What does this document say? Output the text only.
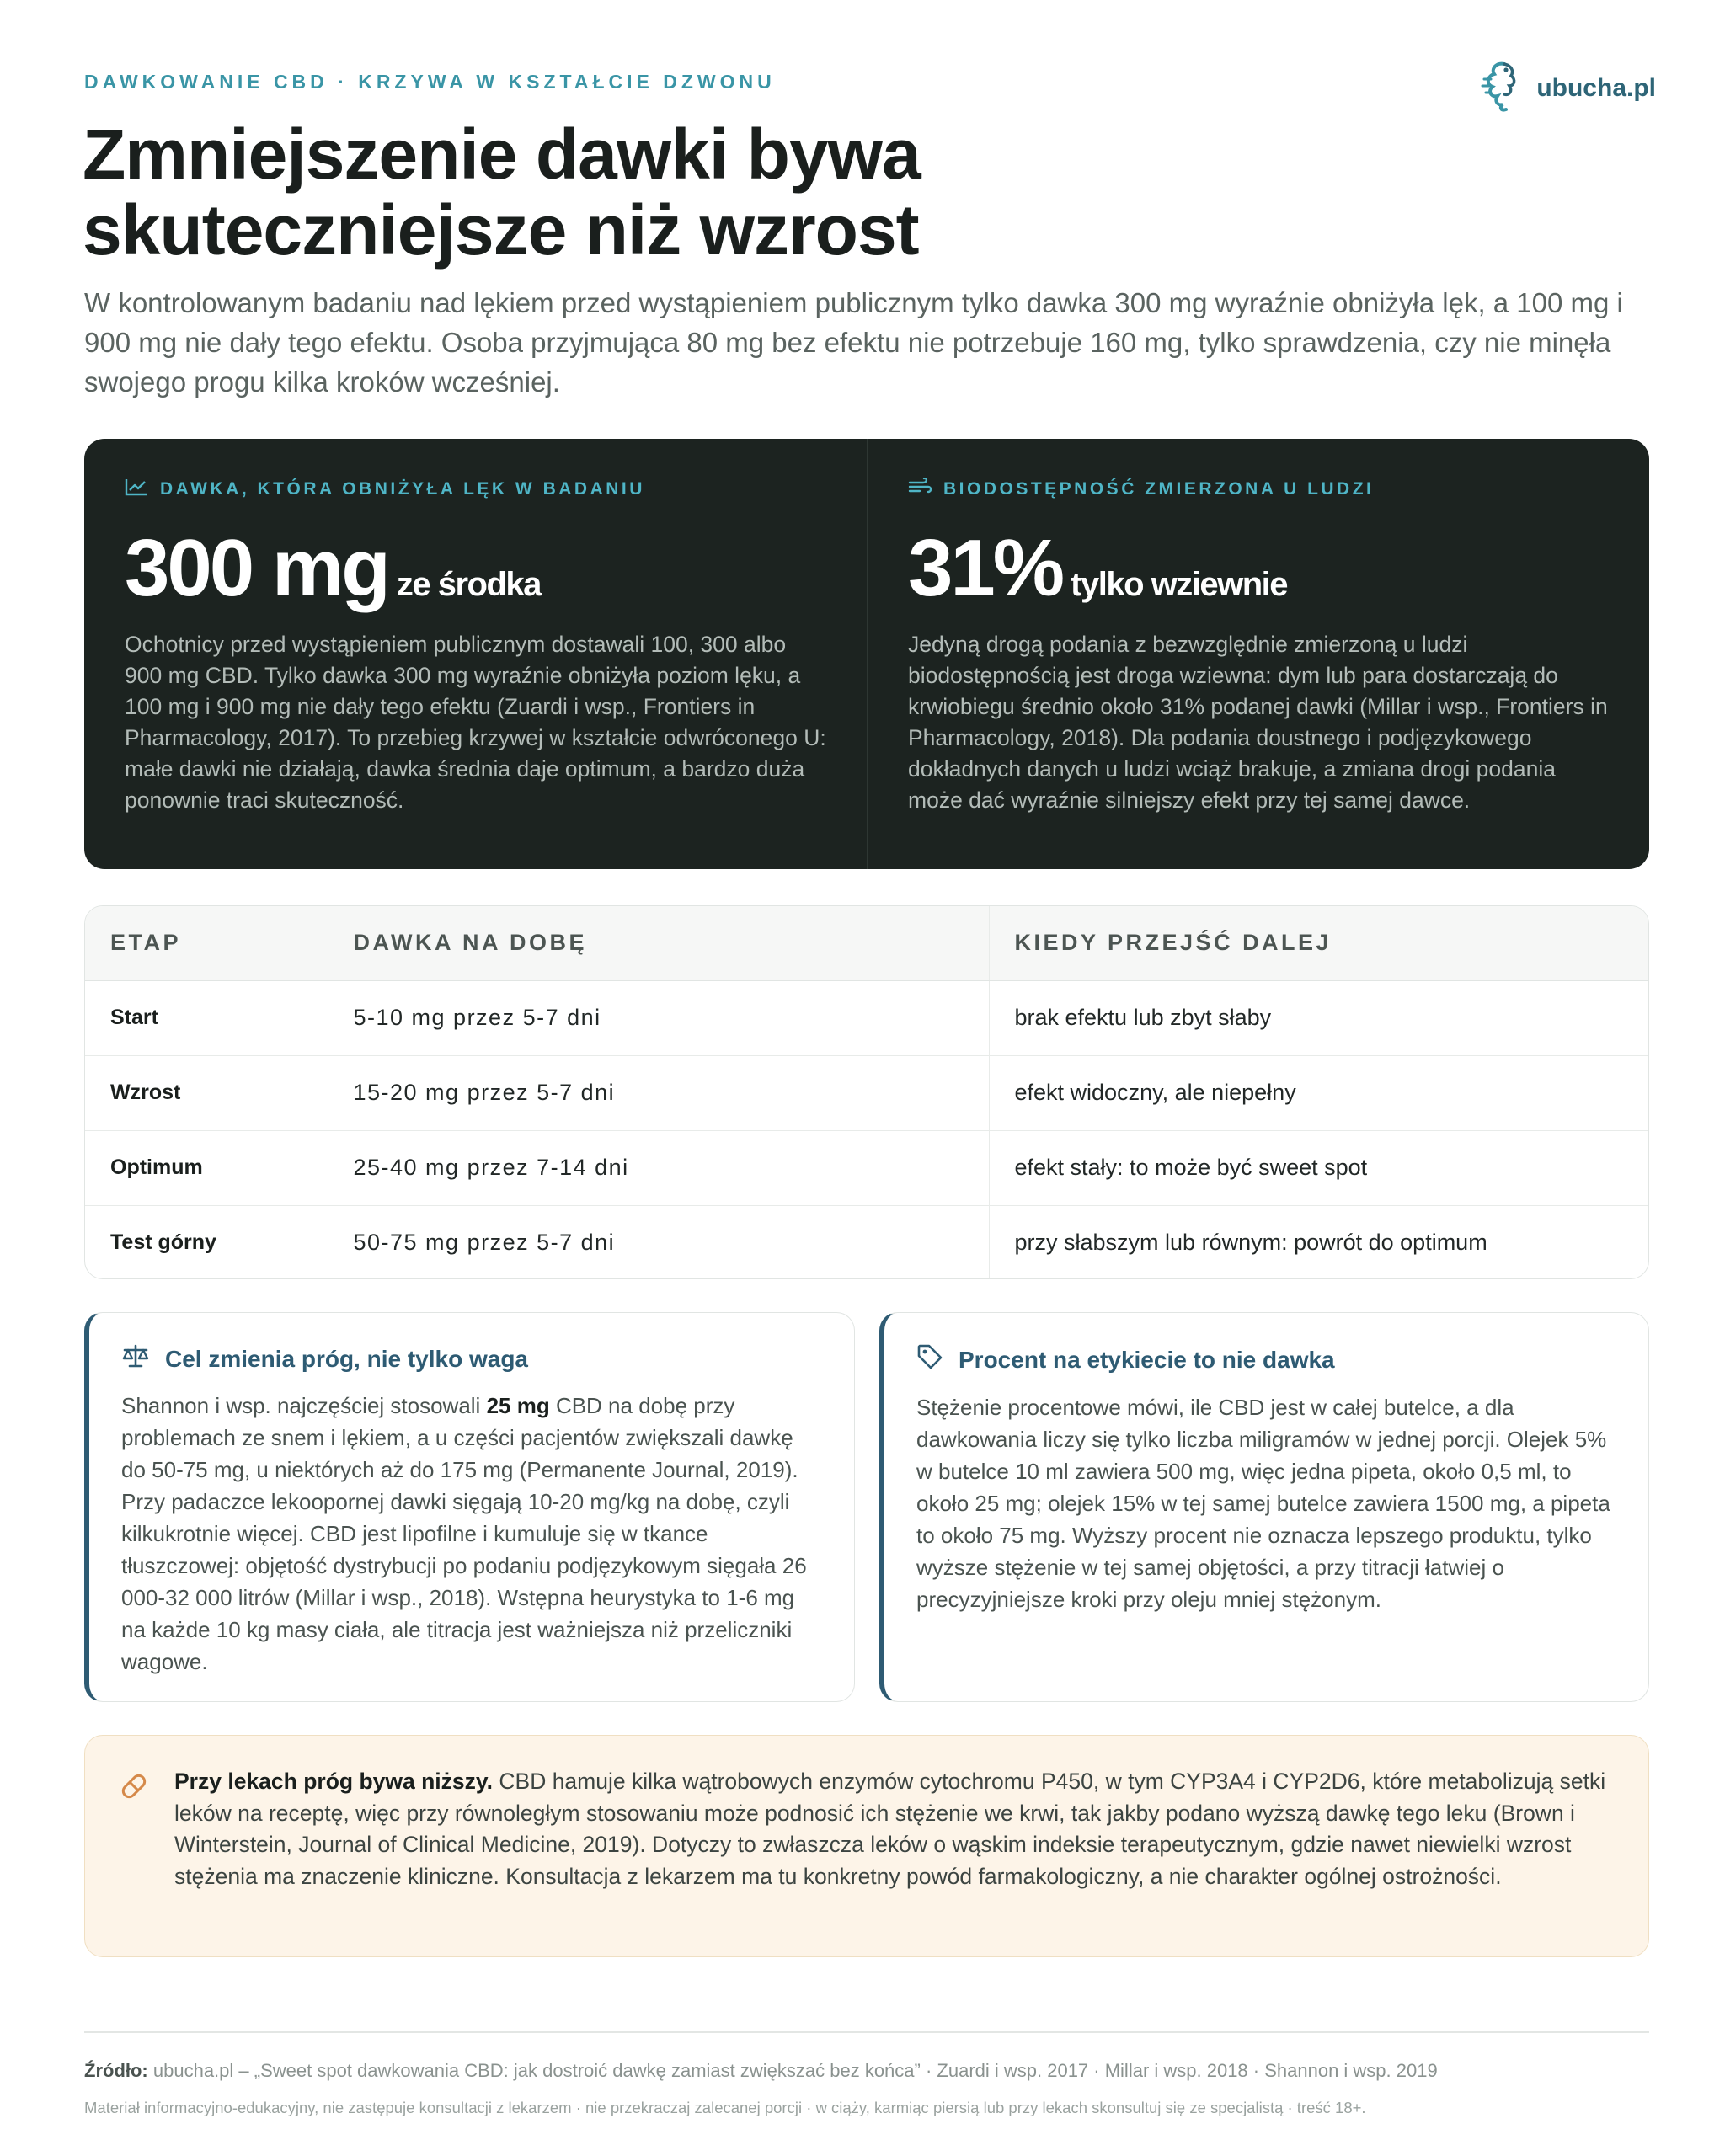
DAWKOWANIE CBD · KRZYWA W KSZTAŁCIE DZWONU	ubucha.pl
Zmniejszenie dawki bywa skuteczniejsze niż wzrost

W kontrolowanym badaniu nad lękiem przed wystąpieniem publicznym tylko dawka 300 mg wyraźnie obniżyła lęk, a 100 mg i 900 mg nie dały tego efektu. Osoba przyjmująca 80 mg bez efektu nie potrzebuje 160 mg, tylko sprawdzenia, czy nie minęła swojego progu kilka kroków wcześniej.

DAWKA, KTÓRA OBNIŻYŁA LĘK W BADANIU
300 mg ze środka

Ochotnicy przed wystąpieniem publicznym dostawali 100, 300 albo 900 mg CBD. Tylko dawka 300 mg wyraźnie obniżyła poziom lęku, a 100 mg i 900 mg nie dały tego efektu (Zuardi i wsp., Frontiers in Pharmacology, 2017). To przebieg krzywej w kształcie odwróconego U: małe dawki nie działają, dawka średnia daje optimum, a bardzo duża ponownie traci skuteczność.

BIODOSTĘPNOŚĆ ZMIERZONA U LUDZI
31% tylko wziewnie

Jedyną drogą podania z bezwzględnie zmierzoną u ludzi biodostępnością jest droga wziewna: dym lub para dostarczają do krwiobiegu średnio około 31% podanej dawki (Millar i wsp., Frontiers in Pharmacology, 2018). Dla podania doustnego i podjęzykowego dokładnych danych u ludzi wciąż brakuje, a zmiana drogi podania może dać wyraźnie silniejszy efekt przy tej samej dawce.

ETAP	DAWKA NA DOBĘ	KIEDY PRZEJŚĆ DALEJ
Start	5-10 mg przez 5-7 dni	brak efektu lub zbyt słaby
Wzrost	15-20 mg przez 5-7 dni	efekt widoczny, ale niepełny
Optimum	25-40 mg przez 7-14 dni	efekt stały: to może być sweet spot
Test górny	50-75 mg przez 5-7 dni	przy słabszym lub równym: powrót do optimum
Cel zmienia próg, nie tylko waga

Shannon i wsp. najczęściej stosowali 25 mg CBD na dobę przy problemach ze snem i lękiem, a u części pacjentów zwiększali dawkę do 50-75 mg, u niektórych aż do 175 mg (Permanente Journal, 2019). Przy padaczce lekoopornej dawki sięgają 10-20 mg/kg na dobę, czyli kilkukrotnie więcej. CBD jest lipofilne i kumuluje się w tkance tłuszczowej: objętość dystrybucji po podaniu podjęzykowym sięgała 26 000-32 000 litrów (Millar i wsp., 2018). Wstępna heurystyka to 1-6 mg na każde 10 kg masy ciała, ale titracja jest ważniejsza niż przeliczniki wagowe.

Procent na etykiecie to nie dawka

Stężenie procentowe mówi, ile CBD jest w całej butelce, a dla dawkowania liczy się tylko liczba miligramów w jednej porcji. Olejek 5% w butelce 10 ml zawiera 500 mg, więc jedna pipeta, około 0,5 ml, to około 25 mg; olejek 15% w tej samej butelce zawiera 1500 mg, a pipeta to około 75 mg. Wyższy procent nie oznacza lepszego produktu, tylko wyższe stężenie w tej samej objętości, a przy titracji łatwiej o precyzyjniejsze kroki przy oleju mniej stężonym.

Przy lekach próg bywa niższy. CBD hamuje kilka wątrobowych enzymów cytochromu P450, w tym CYP3A4 i CYP2D6, które metabolizują setki leków na receptę, więc przy równoległym stosowaniu może podnosić ich stężenie we krwi, tak jakby podano wyższą dawkę tego leku (Brown i Winterstein, Journal of Clinical Medicine, 2019). Dotyczy to zwłaszcza leków o wąskim indeksie terapeutycznym, gdzie nawet niewielki wzrost stężenia ma znaczenie kliniczne. Konsultacja z lekarzem ma tu konkretny powód farmakologiczny, a nie charakter ogólnej ostrożności.

Źródło: ubucha.pl – „Sweet spot dawkowania CBD: jak dostroić dawkę zamiast zwiększać bez końca” · Zuardi i wsp. 2017 · Millar i wsp. 2018 · Shannon i wsp. 2019

Materiał informacyjno-edukacyjny, nie zastępuje konsultacji z lekarzem · nie przekraczaj zalecanej porcji · w ciąży, karmiąc piersią lub przy lekach skonsultuj się ze specjalistą · treść 18+.
